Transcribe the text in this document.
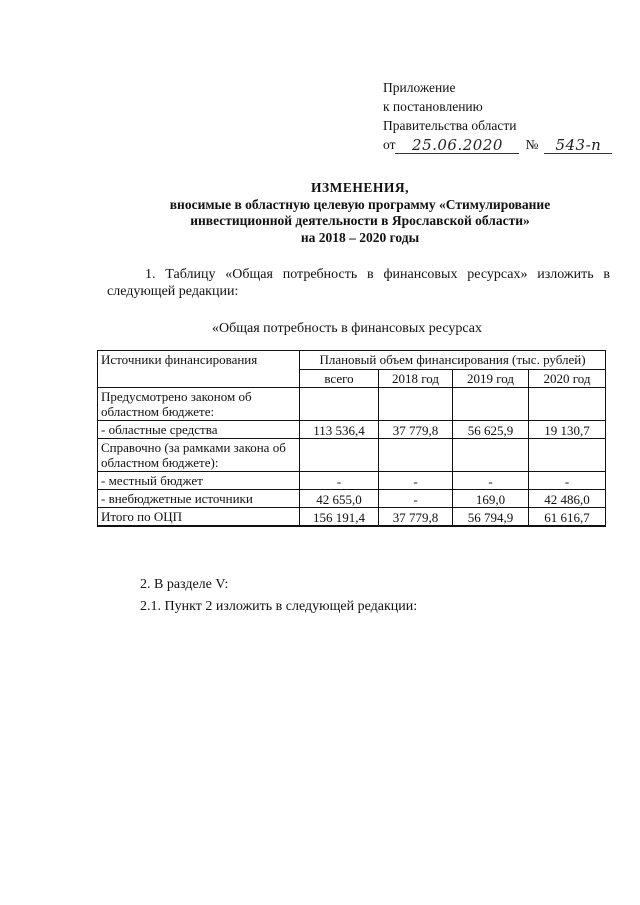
Приложение
к постановлению
Правительства области
от	25.06.2020	№	543-п
ИЗМЕНЕНИЯ,
вносимые в областную целевую программу «Стимулирование
инвестиционной деятельности в Ярославской области»
на 2018 – 2020 годы
1. Таблицу «Общая потребность в финансовых ресурсах» изложить в следующей редакции:
«Общая потребность в финансовых ресурсах
Источники финансирования	Плановый объем финансирования (тыс. рублей)			
	всего	2018 год	2019 год	2020 год
Предусмотрено законом об областном бюджете:				
- областные средства	113 536,4	37 779,8	56 625,9	19 130,7
Справочно (за рамками закона об областном бюджете):				
- местный бюджет	-	-	-	-
- внебюджетные источники	42 655,0	-	169,0	42 486,0
Итого по ОЦП	156 191,4	37 779,8	56 794,9	61 616,7
2. В разделе V:
2.1. Пункт 2 изложить в следующей редакции:
